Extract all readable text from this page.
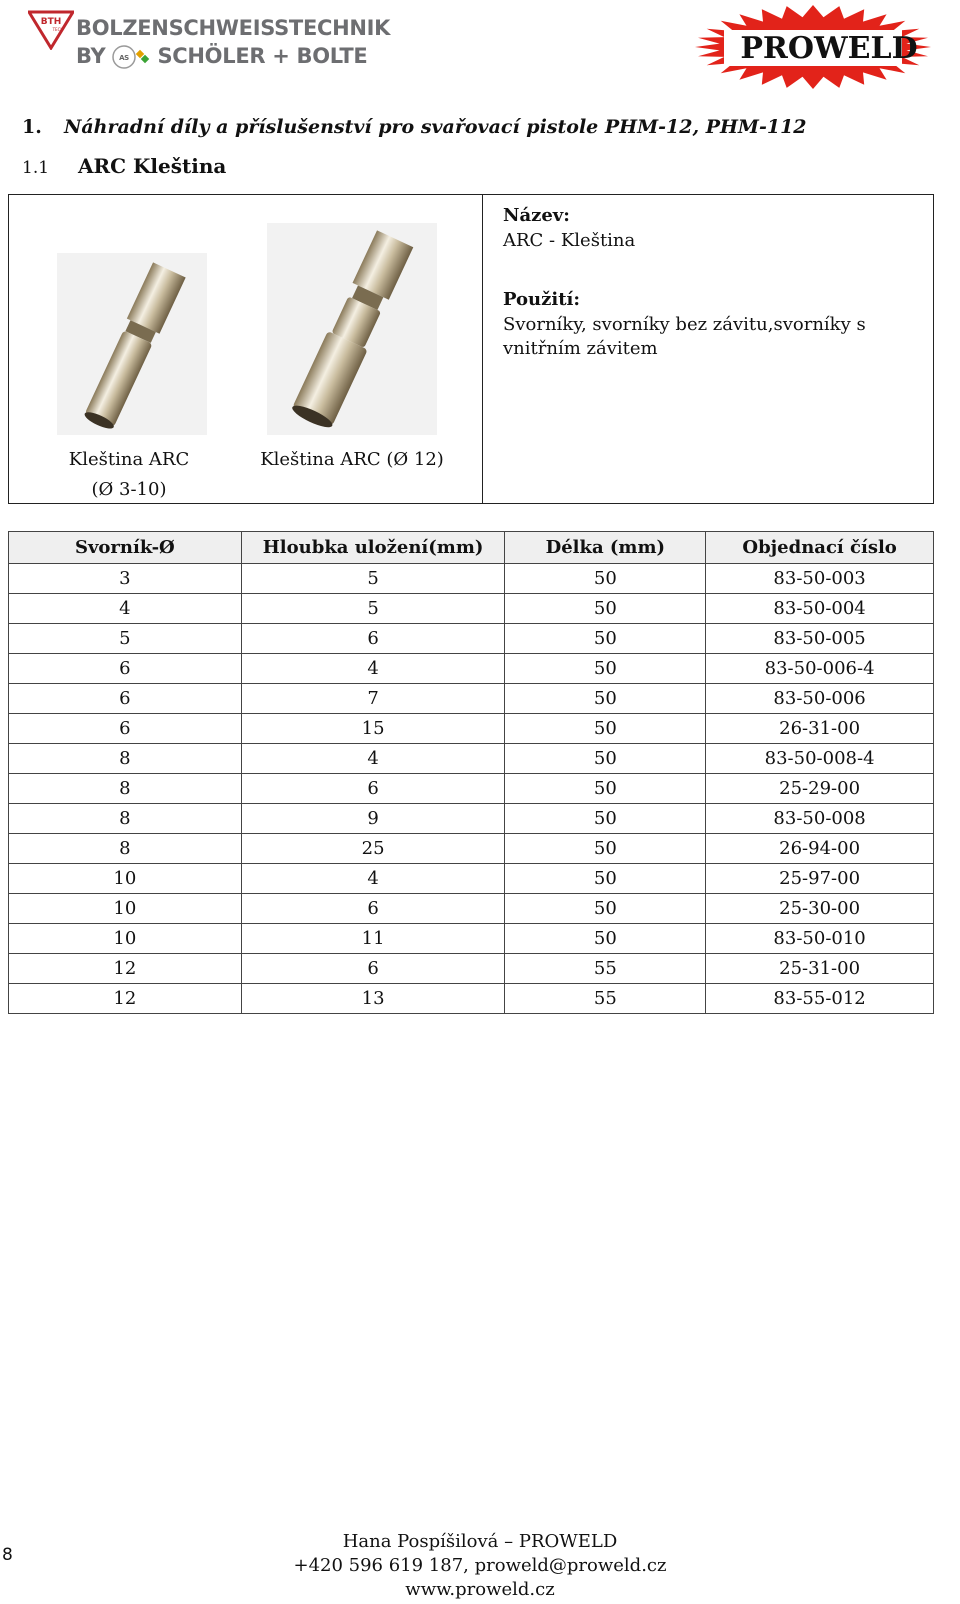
BTH
TECH BOLZENSCHWEISSTECHNIK
BY AS SCHÖLER + BOLTE	PROWELD
1. Náhradní díly a příslušenství pro svařovací pistole PHM-12, PHM-112
1.1 ARC Kleština
Kleština ARC
(Ø 3-10)
Kleština ARC (Ø 12)
Název:
ARC - Kleština
Použití:
Svorníky, svorníky bez závitu,svorníky s vnitřním závitem
Svorník-Ø	Hloubka uložení(mm)	Délka (mm)	Objednací číslo
3	5	50	83-50-003
4	5	50	83-50-004
5	6	50	83-50-005
6	4	50	83-50-006-4
6	7	50	83-50-006
6	15	50	26-31-00
8	4	50	83-50-008-4
8	6	50	25-29-00
8	9	50	83-50-008
8	25	50	26-94-00
10	4	50	25-97-00
10	6	50	25-30-00
10	11	50	83-50-010
12	6	55	25-31-00
12	13	55	83-55-012
8
Hana Pospíšilová – PROWELD
+420 596 619 187, proweld@proweld.cz
www.proweld.cz
